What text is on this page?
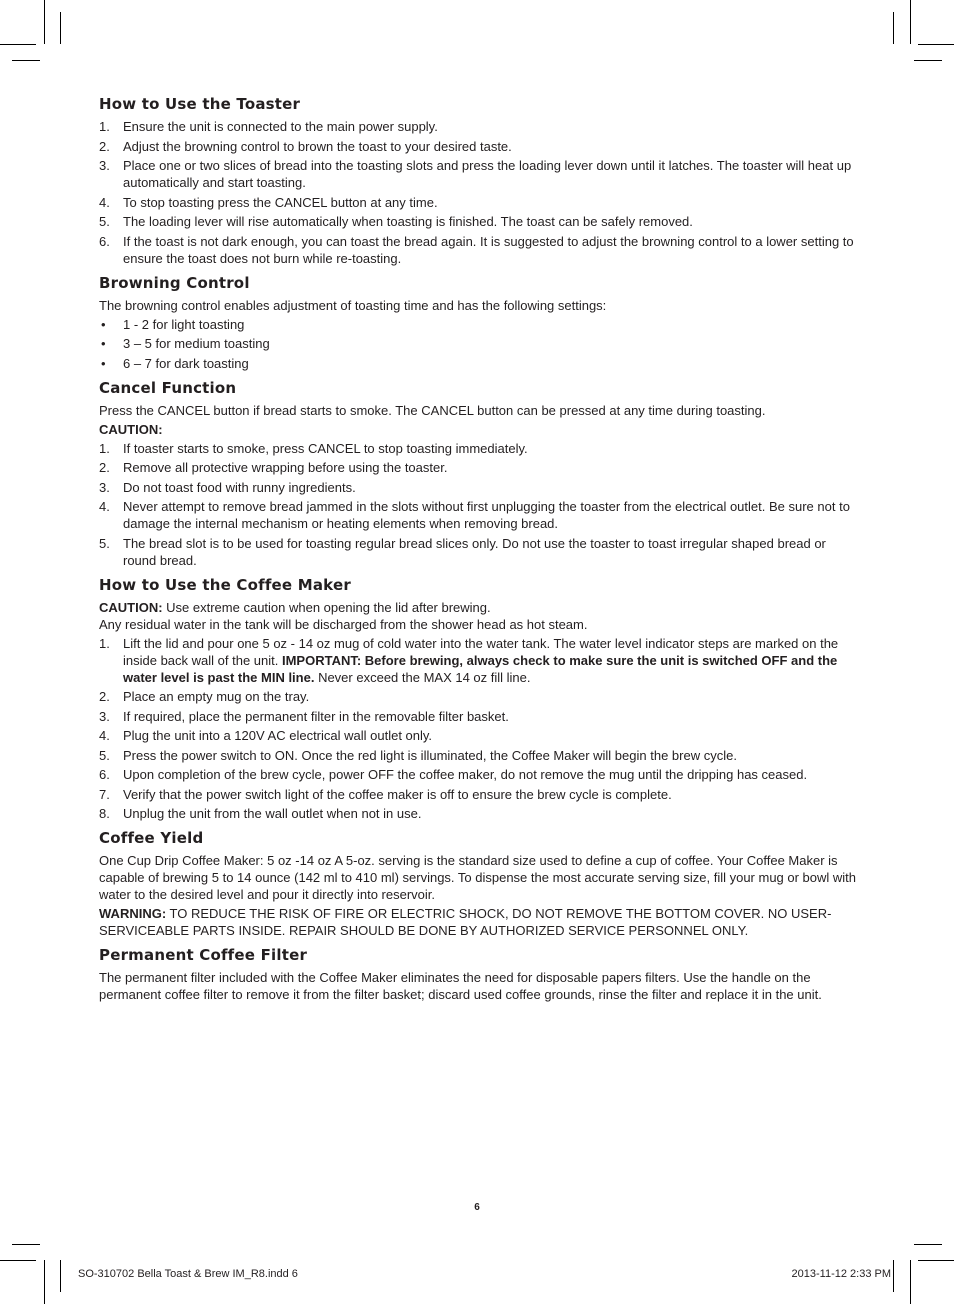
How to Use the Toaster
1. Ensure the unit is connected to the main power supply.
2. Adjust the browning control to brown the toast to your desired taste.
3. Place one or two slices of bread into the toasting slots and press the loading lever down until it latches. The toaster will heat up automatically and start toasting.
4. To stop toasting press the CANCEL button at any time.
5. The loading lever will rise automatically when toasting is finished. The toast can be safely removed.
6. If the toast is not dark enough, you can toast the bread again. It is suggested to adjust the browning control to a lower setting to ensure the toast does not burn while re-toasting.
Browning Control

The browning control enables adjustment of toasting time and has the following settings:

• 1 - 2 for light toasting
• 3 – 5 for medium toasting
• 6 – 7 for dark toasting
Cancel Function

Press the CANCEL button if bread starts to smoke. The CANCEL button can be pressed at any time during toasting.

CAUTION:

1. If toaster starts to smoke, press CANCEL to stop toasting immediately.
2. Remove all protective wrapping before using the toaster.
3. Do not toast food with runny ingredients.
4. Never attempt to remove bread jammed in the slots without first unplugging the toaster from the electrical outlet. Be sure not to damage the internal mechanism or heating elements when removing bread.
5. The bread slot is to be used for toasting regular bread slices only. Do not use the toaster to toast irregular shaped bread or round bread.
How to Use the Coffee Maker

CAUTION: Use extreme caution when opening the lid after brewing.

Any residual water in the tank will be discharged from the shower head as hot steam.

1. Lift the lid and pour one 5 oz - 14 oz mug of cold water into the water tank. The water level indicator steps are marked on the inside back wall of the unit. IMPORTANT: Before brewing, always check to make sure the unit is switched OFF and the water level is past the MIN line. Never exceed the MAX 14 oz fill line.
2. Place an empty mug on the tray.
3. If required, place the permanent filter in the removable filter basket.
4. Plug the unit into a 120V AC electrical wall outlet only.
5. Press the power switch to ON. Once the red light is illuminated, the Coffee Maker will begin the brew cycle.
6. Upon completion of the brew cycle, power OFF the coffee maker, do not remove the mug until the dripping has ceased.
7. Verify that the power switch light of the coffee maker is off to ensure the brew cycle is complete.
8. Unplug the unit from the wall outlet when not in use.
Coffee Yield

One Cup Drip Coffee Maker: 5 oz -14 oz A 5-oz. serving is the standard size used to define a cup of coffee. Your Coffee Maker is capable of brewing 5 to 14 ounce (142 ml to 410 ml) servings. To dispense the most accurate serving size, fill your mug or bowl with water to the desired level and pour it directly into reservoir.

WARNING: TO REDUCE THE RISK OF FIRE OR ELECTRIC SHOCK, DO NOT REMOVE THE BOTTOM COVER. NO USER-SERVICEABLE PARTS INSIDE. REPAIR SHOULD BE DONE BY AUTHORIZED SERVICE PERSONNEL ONLY.

Permanent Coffee Filter

The permanent filter included with the Coffee Maker eliminates the need for disposable papers filters. Use the handle on the permanent coffee filter to remove it from the filter basket; discard used coffee grounds, rinse the filter and replace it in the unit.

6
SO-310702 Bella Toast & Brew IM_R8.indd 6	2013-11-12 2:33 PM
